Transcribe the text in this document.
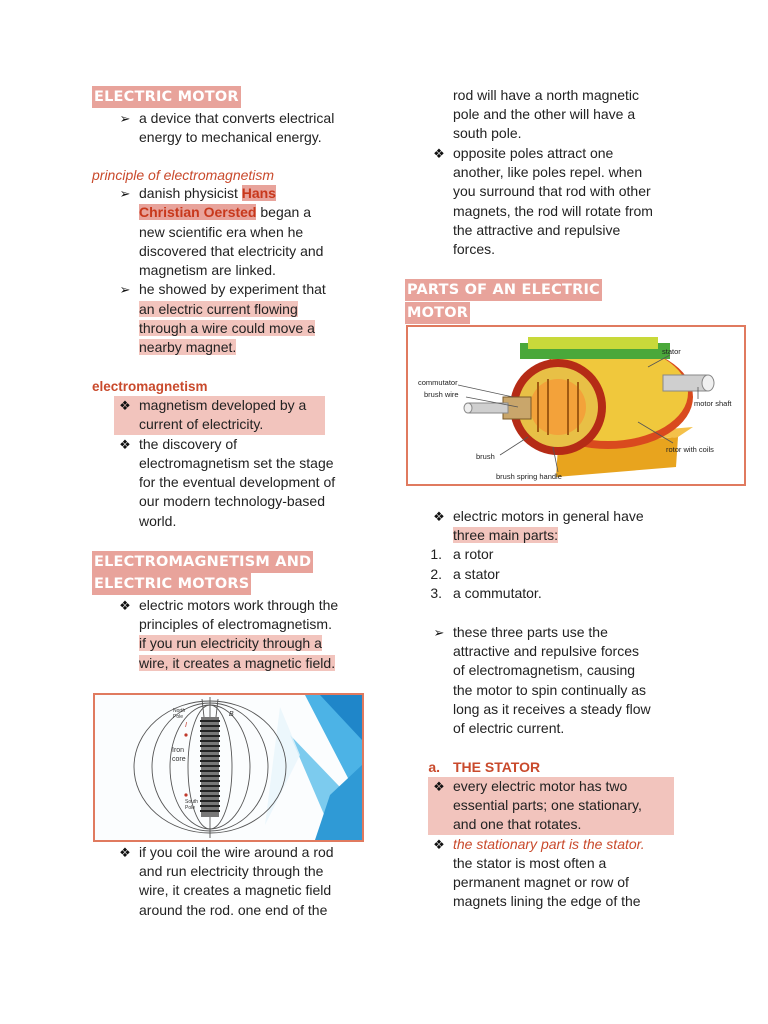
ELECTRIC MOTOR
➢ a device that converts electrical
energy to mechanical energy.
principle of electromagnetism
➢ danish physicist Hans
Christian Oersted began a
new scientific era when he
discovered that electricity and
magnetism are linked.
➢ he showed by experiment that
an electric current flowing
through a wire could move a
nearby magnet.
electromagnetism
❖ magnetism developed by a
current of electricity.
❖ the discovery of
electromagnetism set the stage
for the eventual development of
our modern technology-based
world.
ELECTROMAGNETISM AND
ELECTRIC MOTORS
❖ electric motors work through the
principles of electromagnetism.
if you run electricity through a
wire, it creates a magnetic field.
North Pole	B
I
Iron
core
South Pole
❖ if you coil the wire around a rod
and run electricity through the
wire, it creates a magnetic field
around the rod. one end of the
rod will have a north magnetic
pole and the other will have a
south pole.
❖ opposite poles attract one
another, like poles repel. when
you surround that rod with other
magnets, the rod will rotate from
the attractive and repulsive
forces.
PARTS OF AN ELECTRIC
MOTOR
stator
commutator
brush wire
motor shaft
rotor with coils
brush
brush spring handle
❖ electric motors in general have
three main parts:
1. a rotor
2. a stator
3. a commutator.
➢ these three parts use the
attractive and repulsive forces
of electromagnetism, causing
the motor to spin continually as
long as it receives a steady flow
of electric current.
a. THE STATOR
❖ every electric motor has two
essential parts; one stationary,
and one that rotates.
❖ the stationary part is the stator.
the stator is most often a
permanent magnet or row of
magnets lining the edge of the
